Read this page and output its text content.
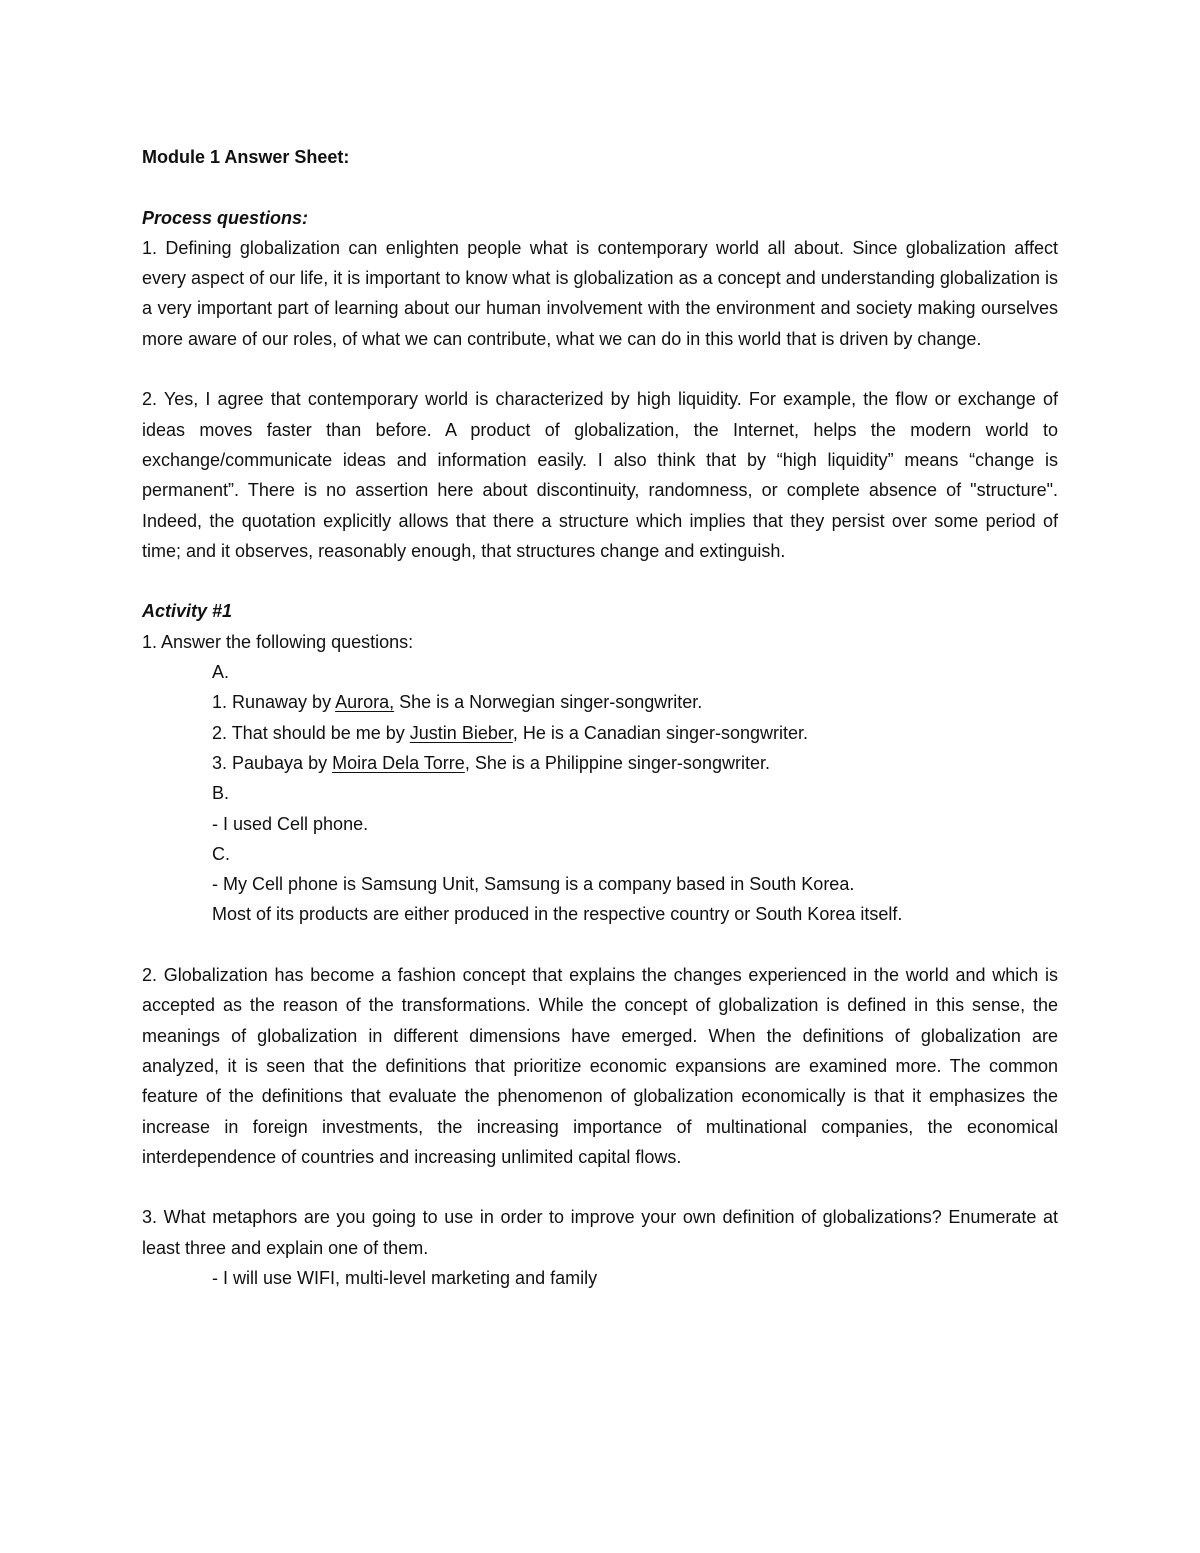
Module 1 Answer Sheet:

Process questions:

1. Defining globalization can enlighten people what is contemporary world all about. Since globalization affect every aspect of our life, it is important to know what is globalization as a concept and understanding globalization is a very important part of learning about our human involvement with the environment and society making ourselves more aware of our roles, of what we can contribute, what we can do in this world that is driven by change.

2. Yes, I agree that contemporary world is characterized by high liquidity. For example, the flow or exchange of ideas moves faster than before. A product of globalization, the Internet, helps the modern world to exchange/communicate ideas and information easily. I also think that by “high liquidity” means “change is permanent”. There is no assertion here about discontinuity, randomness, or complete absence of "structure". Indeed, the quotation explicitly allows that there a structure which implies that they persist over some period of time; and it observes, reasonably enough, that structures change and extinguish.

Activity #1

1. Answer the following questions:

A.

1. Runaway by Aurora, She is a Norwegian singer-songwriter.

2. That should be me by Justin Bieber, He is a Canadian singer-songwriter.

3. Paubaya by Moira Dela Torre, She is a Philippine singer-songwriter.

B.

- I used Cell phone.

C.

- My Cell phone is Samsung Unit, Samsung is a company based in South Korea.

Most of its products are either produced in the respective country or South Korea itself.

2. Globalization has become a fashion concept that explains the changes experienced in the world and which is accepted as the reason of the transformations. While the concept of globalization is defined in this sense, the meanings of globalization in different dimensions have emerged. When the definitions of globalization are analyzed, it is seen that the definitions that prioritize economic expansions are examined more. The common feature of the definitions that evaluate the phenomenon of globalization economically is that it emphasizes the increase in foreign investments, the increasing importance of multinational companies, the economical interdependence of countries and increasing unlimited capital flows.

3. What metaphors are you going to use in order to improve your own definition of globalizations? Enumerate at least three and explain one of them.

- I will use WIFI, multi-level marketing and family
